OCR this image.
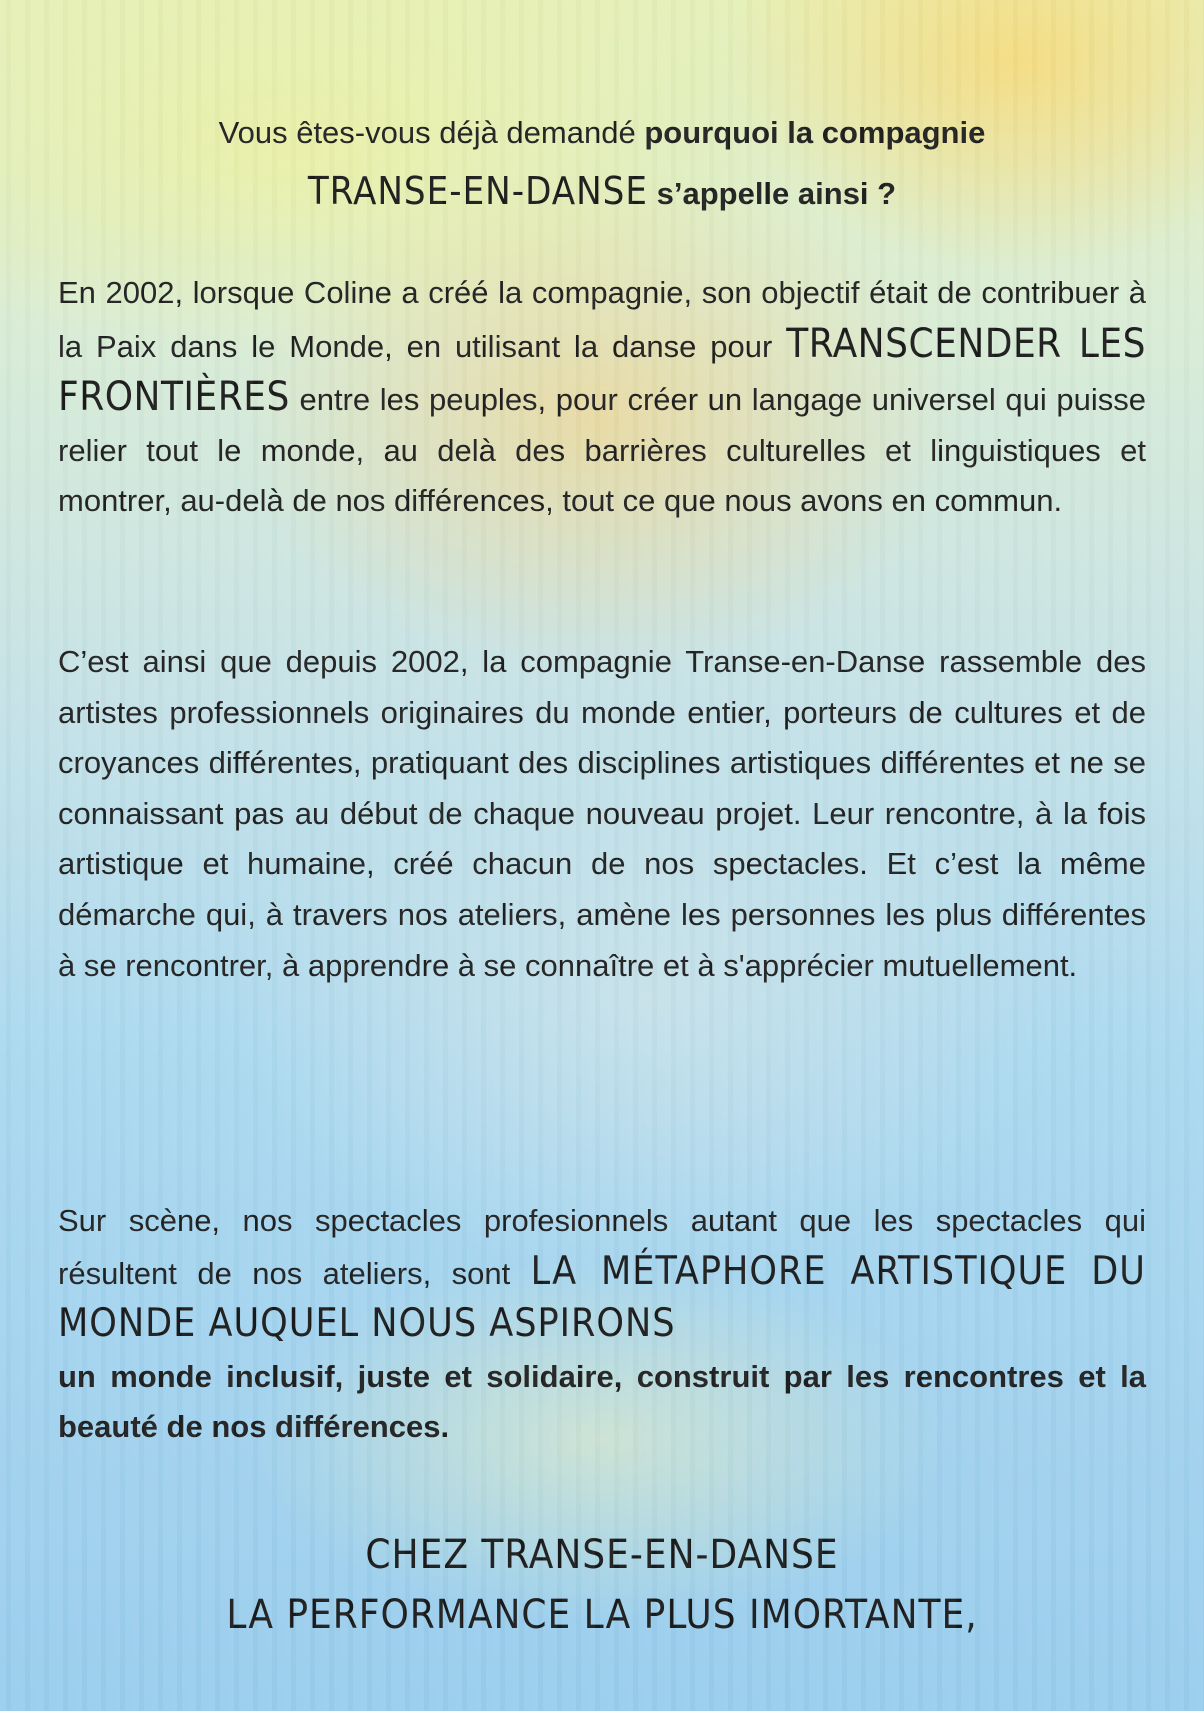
Vous êtes-vous déjà demandé pourquoi la compagnie
TRANSE-EN-DANSE s’appelle ainsi ?

En 2002, lorsque Coline a créé la compagnie, son objectif était de contribuer à la Paix dans le Monde, en utilisant la danse pour TRANSCENDER LES FRONTIÈRES entre les peuples, pour créer un langage universel qui puisse relier tout le monde, au delà des barrières culturelles et linguistiques et montrer, au-delà de nos différences, tout ce que nous avons en commun.

C’est ainsi que depuis 2002, la compagnie Transe-en-Danse rassemble des artistes professionnels originaires du monde entier, porteurs de cultures et de croyances différentes, pratiquant des disciplines artistiques différentes et ne se connaissant pas au début de chaque nouveau projet. Leur rencontre, à la fois artistique et humaine, créé chacun de nos spectacles. Et c’est la même démarche qui, à travers nos ateliers, amène les personnes les plus différentes à se rencontrer, à apprendre à se connaître et à s'apprécier mutuellement.

Sur scène, nos spectacles profesionnels autant que les spectacles qui résultent de nos ateliers, sont LA MÉTAPHORE ARTISTIQUE DU MONDE AUQUEL NOUS ASPIRONS
un monde inclusif, juste et solidaire, construit par les rencontres et la beauté de nos différences.

CHEZ TRANSE-EN-DANSE
LA PERFORMANCE LA PLUS IMORTANTE,
